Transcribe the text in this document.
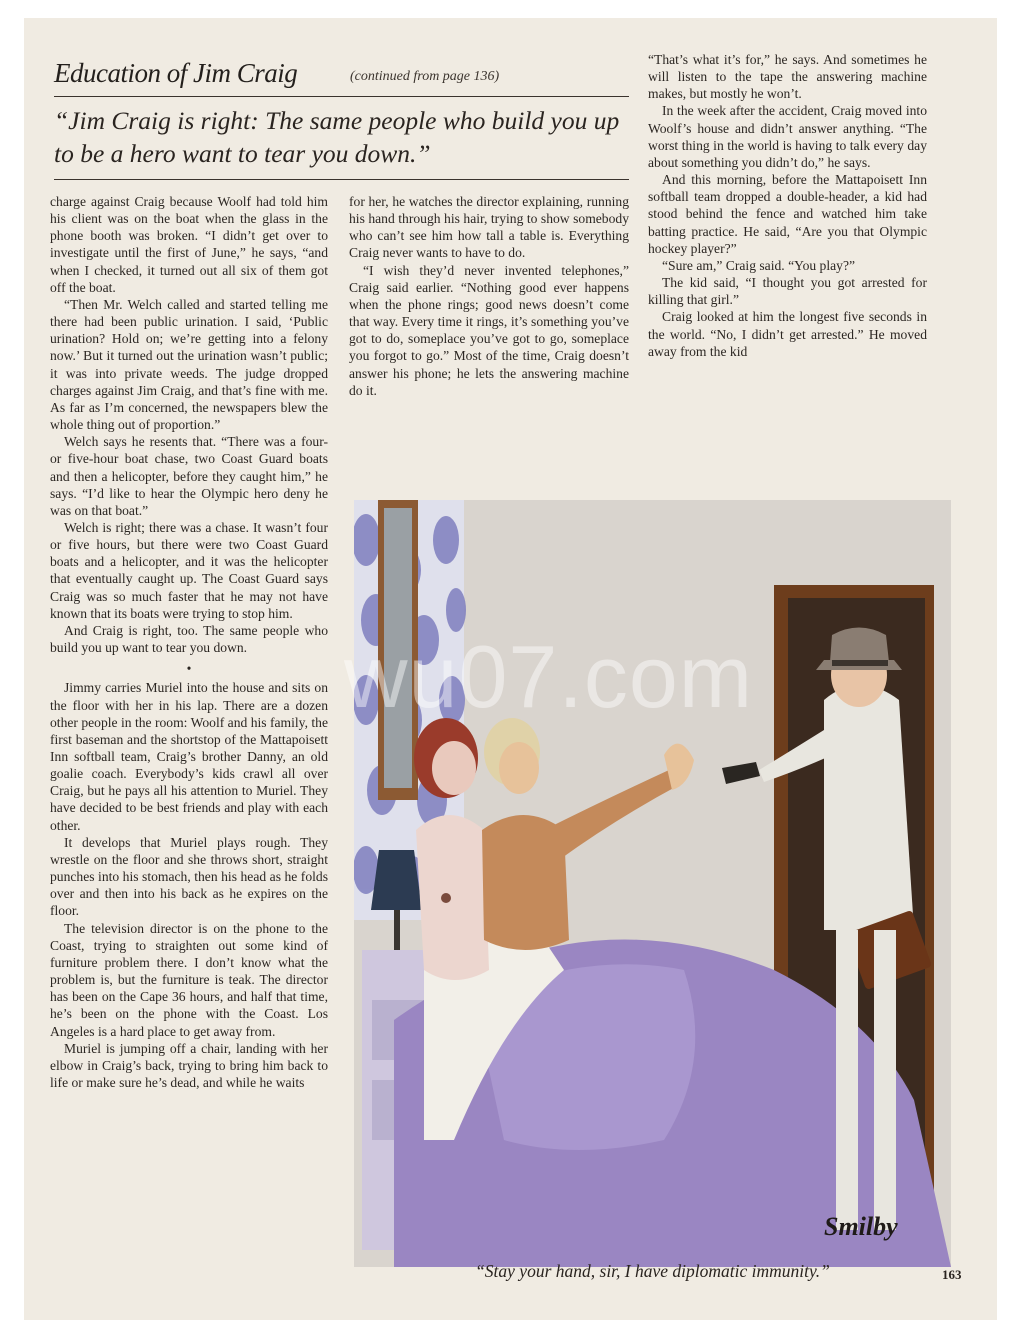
Education of Jim Craig	(continued from page 136)
“Jim Craig is right: The same people who build you up to be a hero want to tear you down.”

charge against Craig because Woolf had told him his client was on the boat when the glass in the phone booth was broken. “I didn’t get over to investigate until the first of June,” he says, “and when I checked, it turned out all six of them got off the boat.

“Then Mr. Welch called and started telling me there had been public urination. I said, ‘Public urination? Hold on; we’re getting into a felony now.’ But it turned out the urination wasn’t public; it was into private weeds. The judge dropped charges against Jim Craig, and that’s fine with me. As far as I’m concerned, the newspapers blew the whole thing out of proportion.”

Welch says he resents that. “There was a four- or five-hour boat chase, two Coast Guard boats and then a helicopter, before they caught him,” he says. “I’d like to hear the Olympic hero deny he was on that boat.”

Welch is right; there was a chase. It wasn’t four or five hours, but there were two Coast Guard boats and a helicopter, and it was the helicopter that eventually caught up. The Coast Guard says Craig was so much faster that he may not have known that its boats were trying to stop him.

And Craig is right, too. The same people who build you up want to tear you down.

•

Jimmy carries Muriel into the house and sits on the floor with her in his lap. There are a dozen other people in the room: Woolf and his family, the first baseman and the shortstop of the Mattapoisett Inn softball team, Craig’s brother Danny, an old goalie coach. Everybody’s kids crawl all over Craig, but he pays all his attention to Muriel. They have decided to be best friends and play with each other.

It develops that Muriel plays rough. They wrestle on the floor and she throws short, straight punches into his stomach, then his head as he folds over and then into his back as he expires on the floor.

The television director is on the phone to the Coast, trying to straighten out some kind of furniture problem there. I don’t know what the problem is, but the furniture is teak. The director has been on the Cape 36 hours, and half that time, he’s been on the phone with the Coast. Los Angeles is a hard place to get away from.

Muriel is jumping off a chair, landing with her elbow in Craig’s back, trying to bring him back to life or make sure he’s dead, and while he waits

for her, he watches the director explaining, running his hand through his hair, trying to show somebody who can’t see him how tall a table is. Everything Craig never wants to have to do.

“I wish they’d never invented telephones,” Craig said earlier. “Nothing good ever happens when the phone rings; good news doesn’t come that way. Every time it rings, it’s something you’ve got to do, someplace you’ve got to go, someplace you forgot to go.” Most of the time, Craig doesn’t answer his phone; he lets the answering machine do it.

“That’s what it’s for,” he says. And sometimes he will listen to the tape the answering machine makes, but mostly he won’t.

In the week after the accident, Craig moved into Woolf’s house and didn’t answer anything. “The worst thing in the world is having to talk every day about something you didn’t do,” he says.

And this morning, before the Mattapoisett Inn softball team dropped a double-header, a kid had stood behind the fence and watched him take batting practice. He said, “Are you that Olympic hockey player?”

“Sure am,” Craig said. “You play?”

The kid said, “I thought you got arrested for killing that girl.”

Craig looked at him the longest five seconds in the world. “No, I didn’t get arrested.” He moved away from the kid

Smilby
“Stay your hand, sir, I have diplomatic immunity.”	163
wu07.com
